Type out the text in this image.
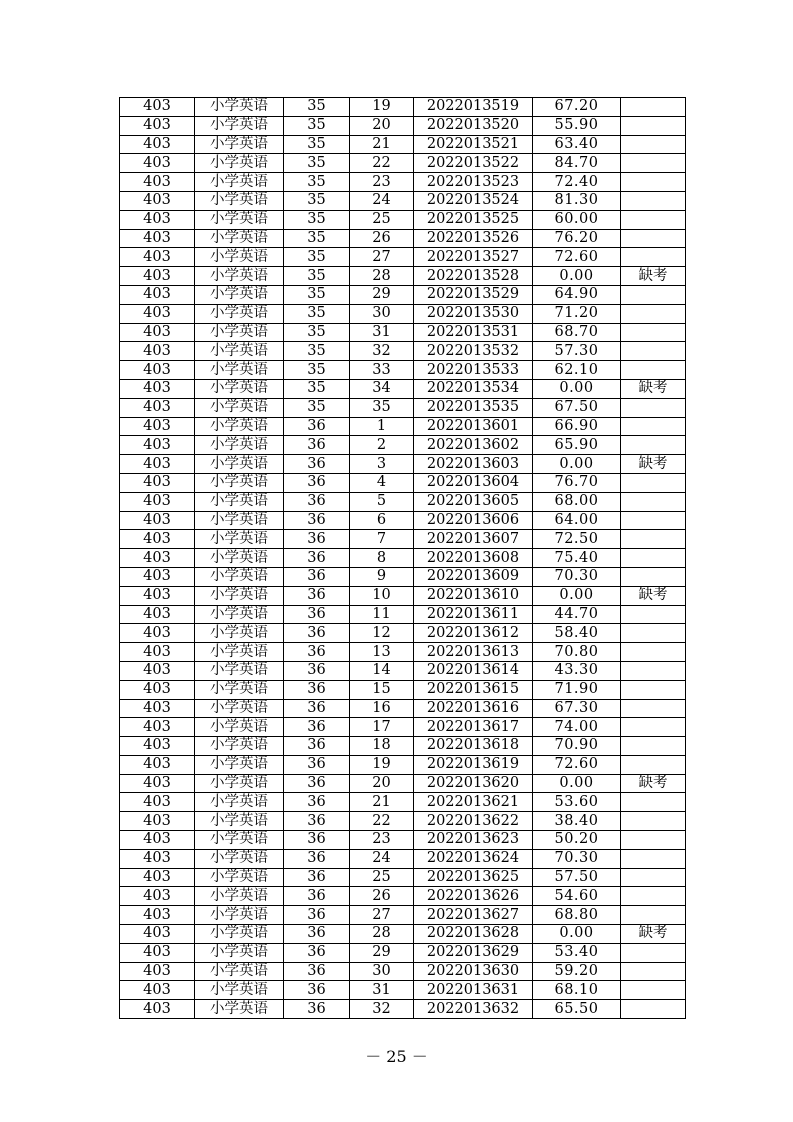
403	小学英语	35	19	2022013519	67.20	
403	小学英语	35	20	2022013520	55.90	
403	小学英语	35	21	2022013521	63.40	
403	小学英语	35	22	2022013522	84.70	
403	小学英语	35	23	2022013523	72.40	
403	小学英语	35	24	2022013524	81.30	
403	小学英语	35	25	2022013525	60.00	
403	小学英语	35	26	2022013526	76.20	
403	小学英语	35	27	2022013527	72.60	
403	小学英语	35	28	2022013528	0.00	缺考
403	小学英语	35	29	2022013529	64.90	
403	小学英语	35	30	2022013530	71.20	
403	小学英语	35	31	2022013531	68.70	
403	小学英语	35	32	2022013532	57.30	
403	小学英语	35	33	2022013533	62.10	
403	小学英语	35	34	2022013534	0.00	缺考
403	小学英语	35	35	2022013535	67.50	
403	小学英语	36	1	2022013601	66.90	
403	小学英语	36	2	2022013602	65.90	
403	小学英语	36	3	2022013603	0.00	缺考
403	小学英语	36	4	2022013604	76.70	
403	小学英语	36	5	2022013605	68.00	
403	小学英语	36	6	2022013606	64.00	
403	小学英语	36	7	2022013607	72.50	
403	小学英语	36	8	2022013608	75.40	
403	小学英语	36	9	2022013609	70.30	
403	小学英语	36	10	2022013610	0.00	缺考
403	小学英语	36	11	2022013611	44.70	
403	小学英语	36	12	2022013612	58.40	
403	小学英语	36	13	2022013613	70.80	
403	小学英语	36	14	2022013614	43.30	
403	小学英语	36	15	2022013615	71.90	
403	小学英语	36	16	2022013616	67.30	
403	小学英语	36	17	2022013617	74.00	
403	小学英语	36	18	2022013618	70.90	
403	小学英语	36	19	2022013619	72.60	
403	小学英语	36	20	2022013620	0.00	缺考
403	小学英语	36	21	2022013621	53.60	
403	小学英语	36	22	2022013622	38.40	
403	小学英语	36	23	2022013623	50.20	
403	小学英语	36	24	2022013624	70.30	
403	小学英语	36	25	2022013625	57.50	
403	小学英语	36	26	2022013626	54.60	
403	小学英语	36	27	2022013627	68.80	
403	小学英语	36	28	2022013628	0.00	缺考
403	小学英语	36	29	2022013629	53.40	
403	小学英语	36	30	2022013630	59.20	
403	小学英语	36	31	2022013631	68.10	
403	小学英语	36	32	2022013632	65.50	
－ 25 －
